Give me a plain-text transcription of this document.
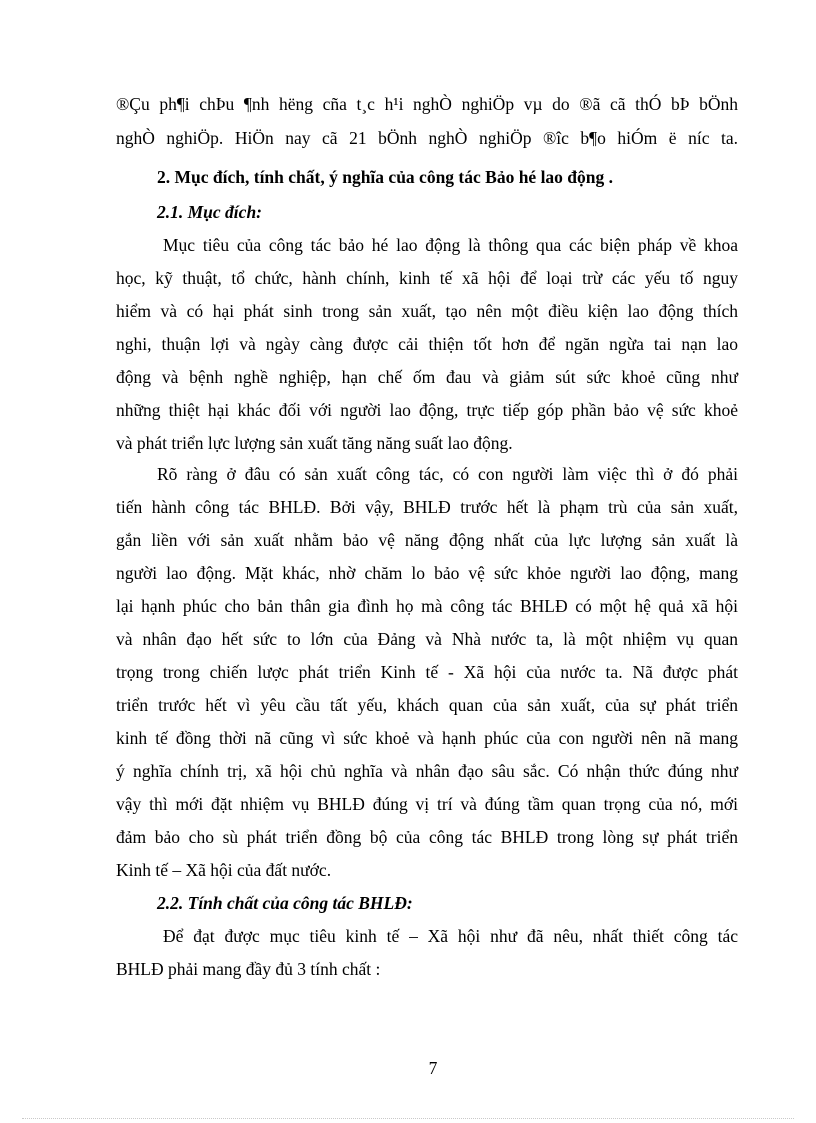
®Çu ph¶i chÞu ¶nh hëng cña t¸c h¹i nghÒ nghiÖp vµ do ®ã cã thÓ bÞ bÖnh
nghÒ nghiÖp. HiÖn nay cã 21 bÖnh nghÒ nghiÖp ®îc b¶o hiÓm ë níc ta.
2. Mục đích, tính chất, ý nghĩa của công tác Bảo hé lao động .
2.1. Mục đích:
Mục tiêu của công tác bảo hé lao động là thông qua các biện pháp về khoa
học, kỹ thuật, tổ chức, hành chính, kinh tế xã hội để loại trừ các yếu tố nguy
hiểm và có hại phát sinh trong sản xuất, tạo nên một điều kiện lao động thích
nghi, thuận lợi và ngày càng được cải thiện tốt hơn để ngăn ngừa tai nạn lao
động và bệnh nghề nghiệp, hạn chế ốm đau và giảm sút sức khoẻ cũng như
những thiệt hại khác đối với người lao động, trực tiếp góp phần bảo vệ sức khoẻ
và phát triển lực lượng sản xuất tăng năng suất lao động.
Rõ ràng ở đâu có sản xuất công tác, có con người làm việc thì ở đó phải
tiến hành công tác BHLĐ. Bởi vậy, BHLĐ trước hết là phạm trù của sản xuất,
gắn liền với sản xuất nhằm bảo vệ năng động nhất của lực lượng sản xuất là
người lao động. Mặt khác, nhờ chăm lo bảo vệ sức khỏe người lao động, mang
lại hạnh phúc cho bản thân gia đình họ mà công tác BHLĐ có một hệ quả xã hội
và nhân đạo hết sức to lớn của Đảng và Nhà nước ta, là một nhiệm vụ quan
trọng trong chiến lược phát triển Kinh tế - Xã hội của nước ta. Nã được phát
triển trước hết vì yêu cầu tất yếu, khách quan của sản xuất, của sự phát triển
kinh tế đồng thời nã cũng vì sức khoẻ và hạnh phúc của con người nên nã mang
ý nghĩa chính trị, xã hội chủ nghĩa và nhân đạo sâu sắc. Có nhận thức đúng như
vậy thì mới đặt nhiệm vụ BHLĐ đúng vị trí và đúng tầm quan trọng của nó, mới
đảm bảo cho sù phát triển đồng bộ của công tác BHLĐ trong lòng sự phát triển
Kinh tế – Xã hội của đất nước.
2.2. Tính chất của công tác BHLĐ:
Để đạt được mục tiêu kinh tế – Xã hội như đã nêu, nhất thiết công tác
BHLĐ phải mang đầy đủ 3 tính chất :
7
